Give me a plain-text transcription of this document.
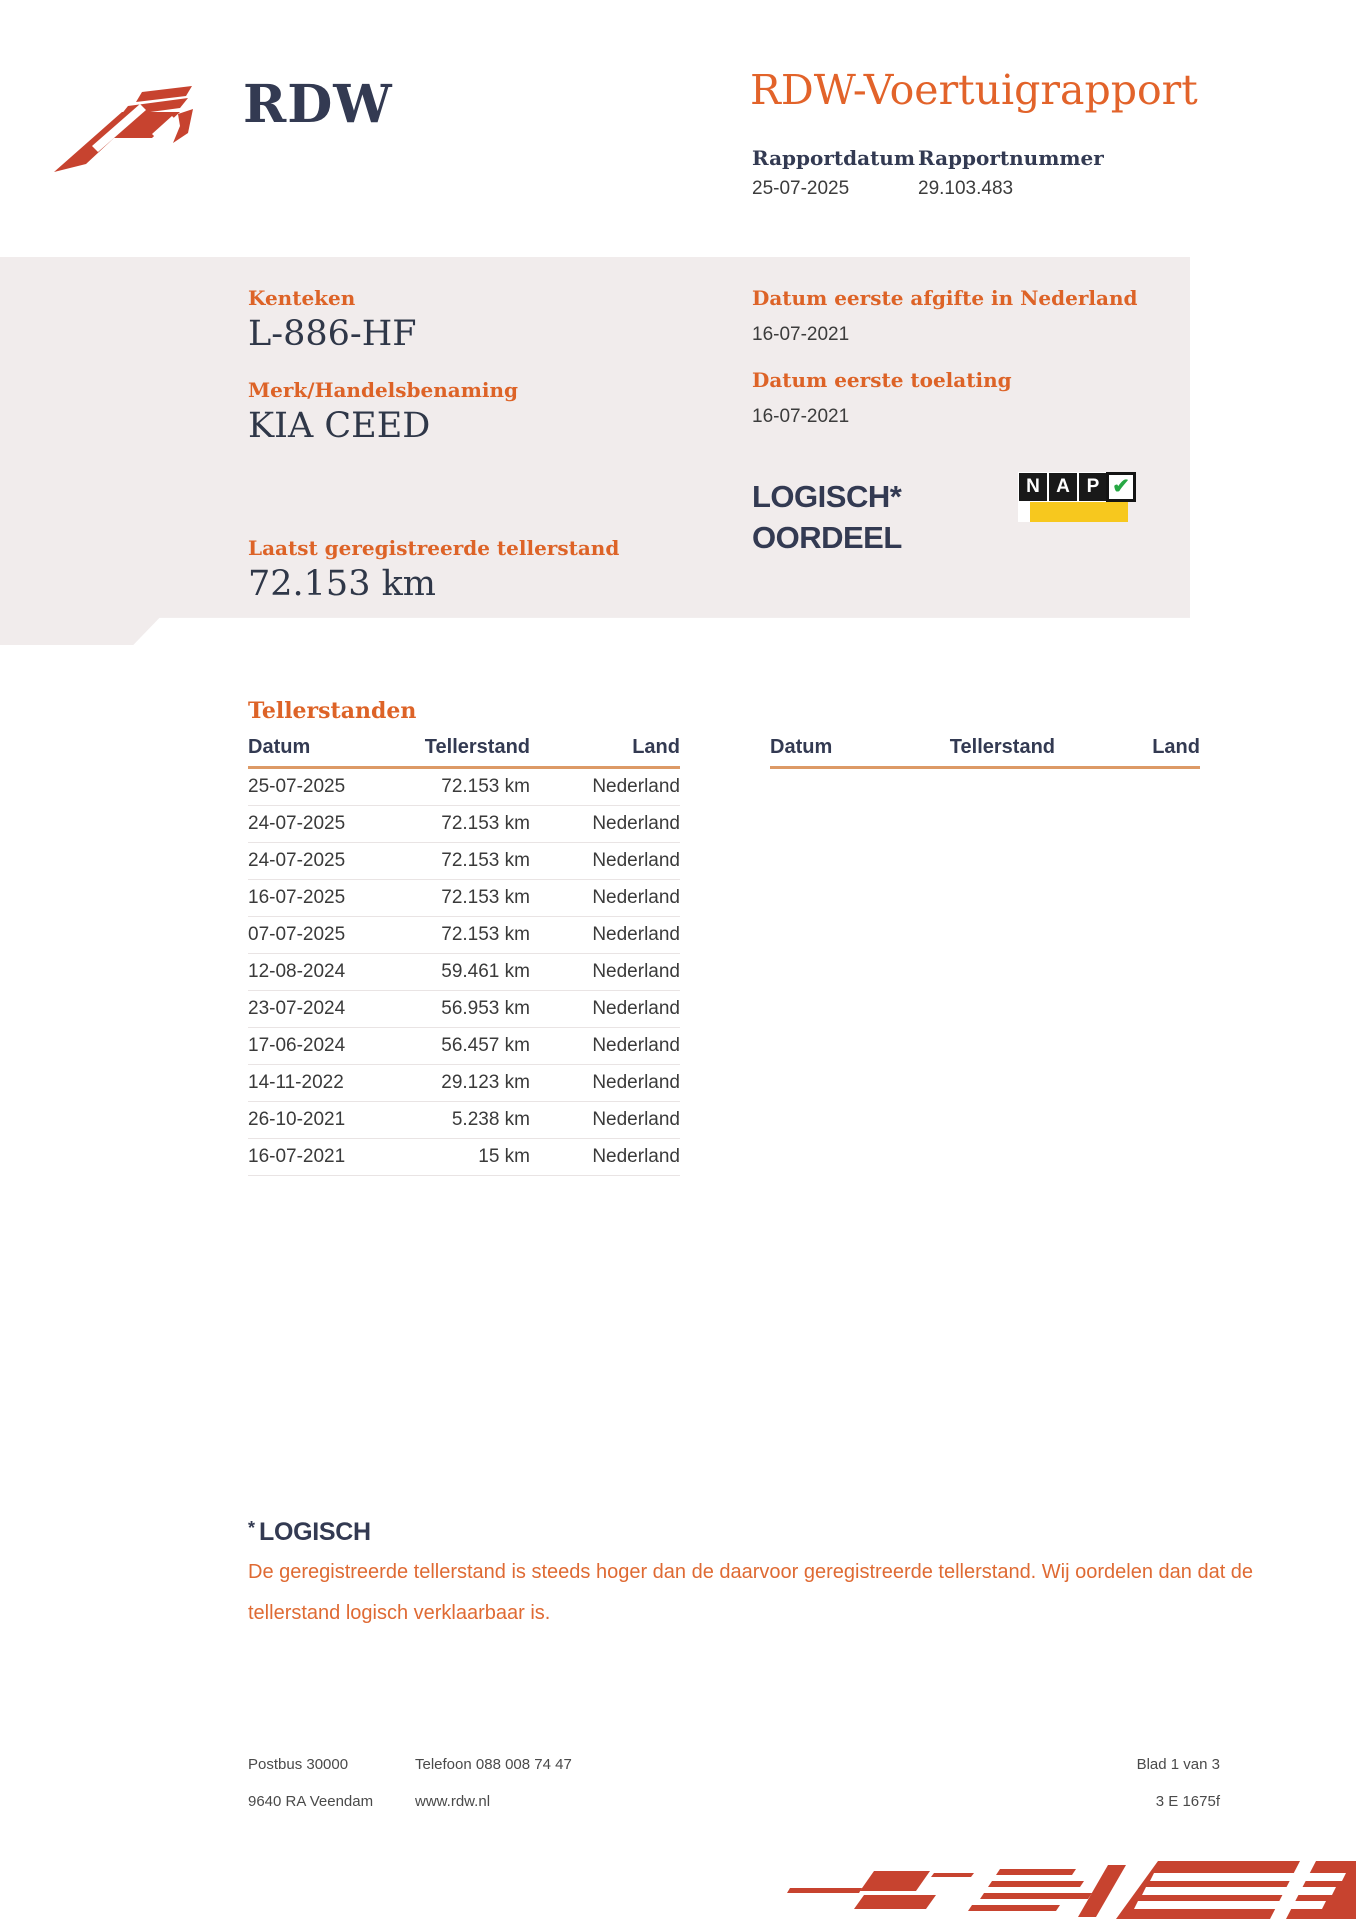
RDW	RDW-Voertuigrapport
Rapportdatum Rapportnummer
25-07-2025	29.103.483
Kenteken
L-886-HF
Merk/Handelsbenaming
KIA CEED
Datum eerste afgifte in Nederland
16-07-2021
Datum eerste toelating
16-07-2021
LOGISCH*
OORDEEL
N A P ✔
Laatst geregistreerde tellerstand
72.153 km
Tellerstanden
Datum	Tellerstand	Land
25-07-2025	72.153 km	Nederland
24-07-2025	72.153 km	Nederland
24-07-2025	72.153 km	Nederland
16-07-2025	72.153 km	Nederland
07-07-2025	72.153 km	Nederland
12-08-2024	59.461 km	Nederland
23-07-2024	56.953 km	Nederland
17-06-2024	56.457 km	Nederland
14-11-2022	29.123 km	Nederland
26-10-2021	5.238 km	Nederland
16-07-2021	15 km	Nederland
Datum	Tellerstand	Land
* LOGISCH
De geregistreerde tellerstand is steeds hoger dan de daarvoor geregistreerde tellerstand. Wij oordelen dan dat de tellerstand logisch verklaarbaar is.
Postbus 30000
9640 RA Veendam
Telefoon 088 008 74 47
www.rdw.nl
Blad 1 van 3
3 E 1675f
